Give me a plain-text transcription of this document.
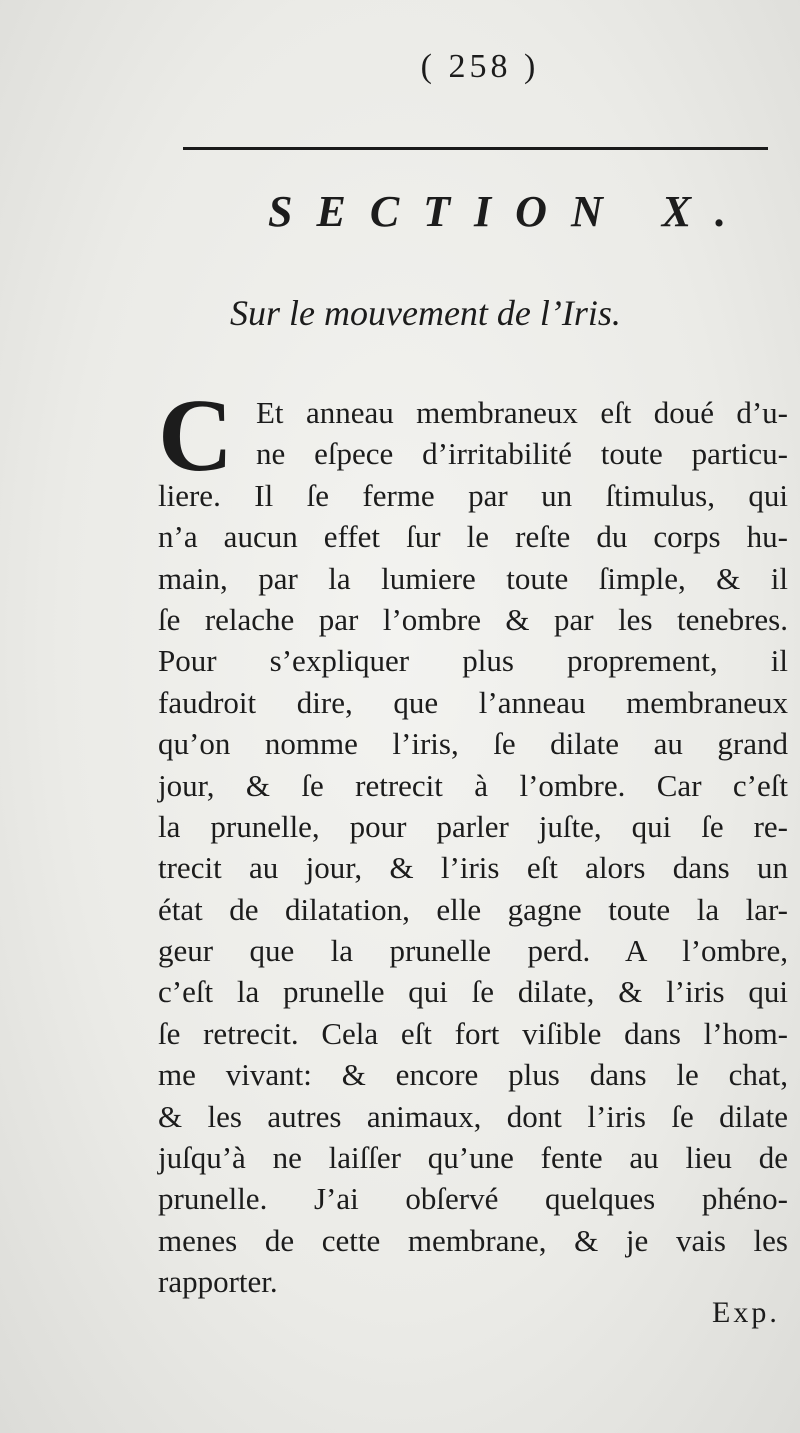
( 258 )
SECTION X.
Sur le mouvement de l’Iris.
C Et anneau membraneux eſt doué d’u-
ne eſpece d’irritabilité toute particu-
liere. Il ſe ferme par un ſtimulus, qui
n’a aucun effet ſur le reſte du corps hu-
main, par la lumiere toute ſimple, & il
ſe relache par l’ombre & par les tenebres.
Pour s’expliquer plus proprement, il
faudroit dire, que l’anneau membraneux
qu’on nomme l’iris, ſe dilate au grand
jour, & ſe retrecit à l’ombre. Car c’eſt
la prunelle, pour parler juſte, qui ſe re-
trecit au jour, & l’iris eſt alors dans un
état de dilatation, elle gagne toute la lar-
geur que la prunelle perd. A l’ombre,
c’eſt la prunelle qui ſe dilate, & l’iris qui
ſe retrecit. Cela eſt fort viſible dans l’hom-
me vivant: & encore plus dans le chat,
& les autres animaux, dont l’iris ſe dilate
juſqu’à ne laiſſer qu’une fente au lieu de
prunelle. J’ai obſervé quelques phéno-
menes de cette membrane, & je vais les
rapporter.
Exp.
